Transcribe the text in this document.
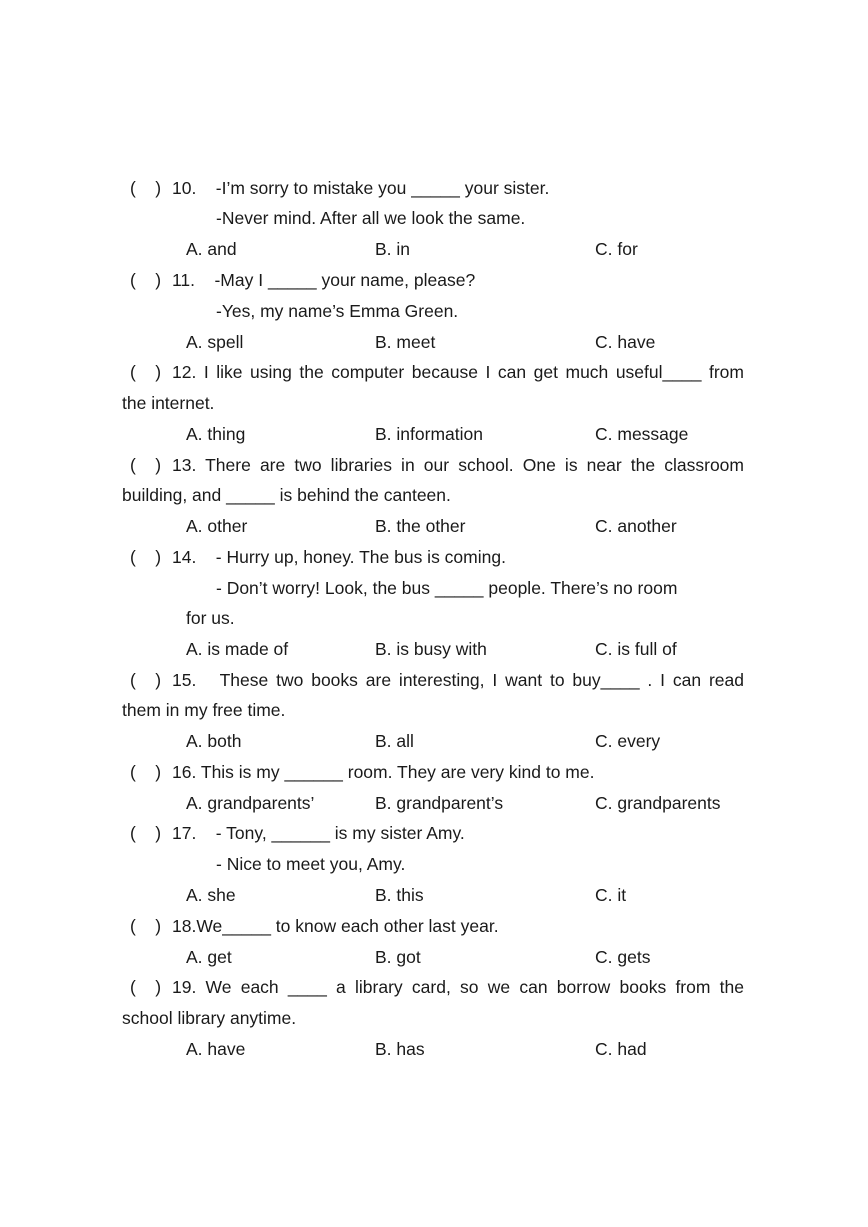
(    )

10.    -I’m sorry to mistake you _____ your sister.

-Never mind. After all we look the same.

A. and

	B. in

	C. for

(    )

11.    -May I _____ your name, please?

-Yes, my name’s Emma Green.

A. spell

	B. meet

	C. have

(    )

12. I like using the computer because I can get much useful____ from

the internet.

A. thing

	B. information

	C. message

(    )

13. There are two libraries in our school. One is near the classroom

building, and _____ is behind the canteen.

A. other

	B. the other

	C. another

(    )

14.    - Hurry up, honey. The bus is coming.

- Don’t worry! Look, the bus _____ people. There’s no room

for us.

A. is made of

	B. is busy with

	C. is full of

(    )

15.   These two books are interesting, I want to buy____ . I can read

them in my free time.

A. both

	B. all

	C. every

(    )

16. This is my ______ room. They are very kind to me.

A. grandparents’

	B. grandparent’s

	C. grandparents

(    )

17.    - Tony, ______ is my sister Amy.

- Nice to meet you, Amy.

A. she

	B. this

	C. it

(    )

18.We_____ to know each other last year.

A. get

	B. got

	C. gets

(    )

19. We each ____ a library card, so we can borrow books from the

school library anytime.

A. have

	B. has

	C. had
